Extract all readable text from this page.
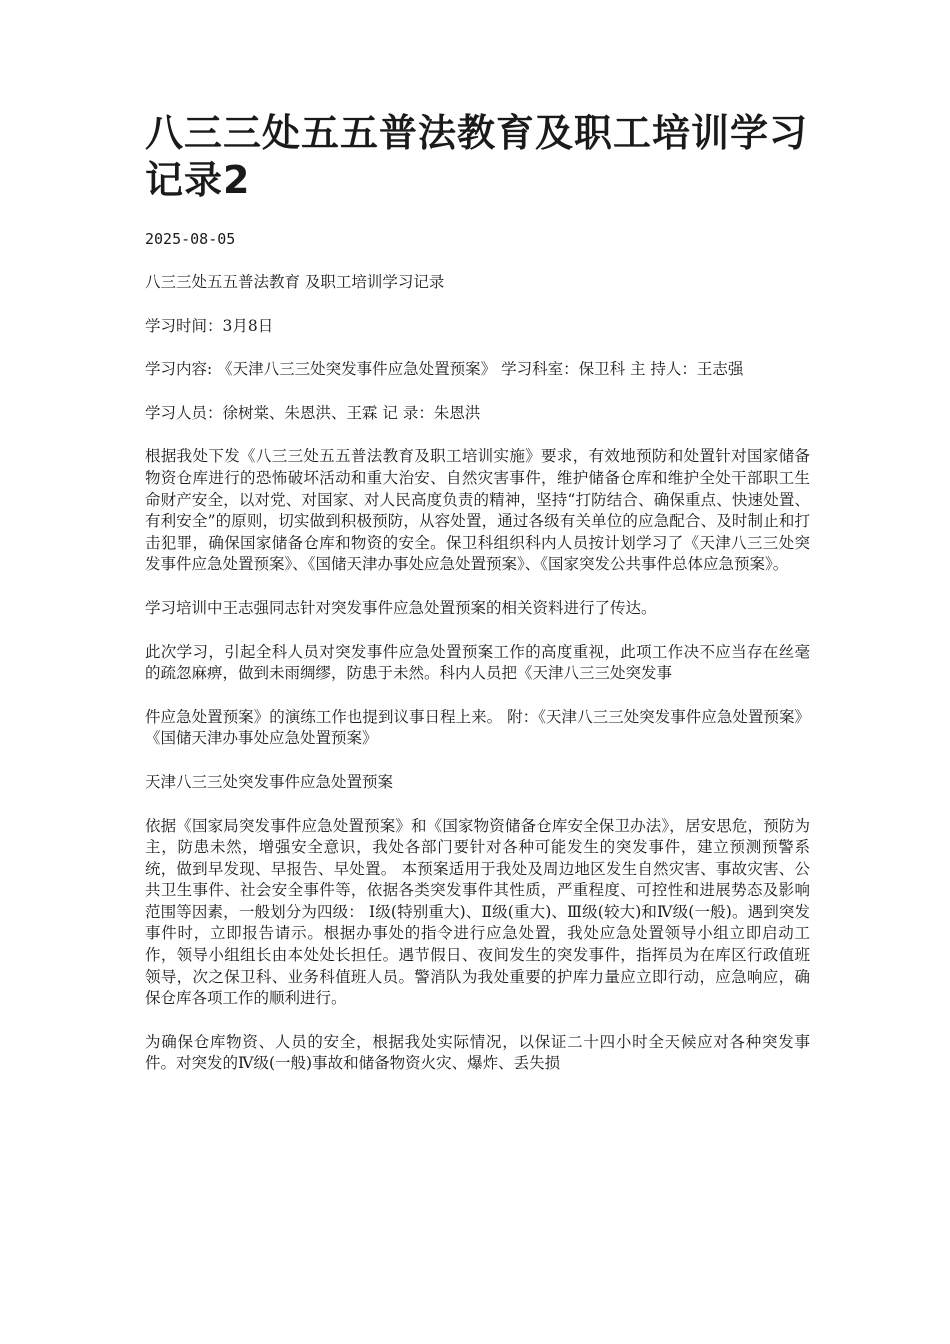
八三三处五五普法教育及职工培训学习记录2

2025-08-05

八三三处五五普法教育 及职工培训学习记录

学习时间：3月8日

学习内容: 《天津八三三处突发事件应急处置预案》 学习科室：保卫科 主 持人：王志强

学习人员：徐树棠、朱恩洪、王霖 记 录：朱恩洪

根据我处下发《八三三处五五普法教育及职工培训实施》要求，有效地预防和处置针对国家储备物资仓库进行的恐怖破坏活动和重大治安、自然灾害事件，维护储备仓库和维护全处干部职工生命财产安全，以对党、对国家、对人民高度负责的精神，坚持“打防结合、确保重点、快速处置、有利安全”的原则，切实做到积极预防，从容处置，通过各级有关单位的应急配合、及时制止和打击犯罪，确保国家储备仓库和物资的安全。保卫科组织科内人员按计划学习了《天津八三三处突发事件应急处置预案》、《国储天津办事处应急处置预案》、《国家突发公共事件总体应急预案》。

学习培训中王志强同志针对突发事件应急处置预案的相关资料进行了传达。

此次学习，引起全科人员对突发事件应急处置预案工作的高度重视，此项工作决不应当存在丝毫的疏忽麻痹，做到未雨绸缪，防患于未然。科内人员把《天津八三三处突发事

件应急处置预案》的演练工作也提到议事日程上来。 附：《天津八三三处突发事件应急处置预案》 《国储天津办事处应急处置预案》

天津八三三处突发事件应急处置预案

依据《国家局突发事件应急处置预案》和《国家物资储备仓库安全保卫办法》，居安思危，预防为主，防患未然，增强安全意识，我处各部门要针对各种可能发生的突发事件，建立预测预警系统，做到早发现、早报告、早处置。 本预案适用于我处及周边地区发生自然灾害、事故灾害、公共卫生事件、社会安全事件等，依据各类突发事件其性质，严重程度、可控性和进展势态及影响范围等因素，一般划分为四级： Ⅰ级(特别重大)、Ⅱ级(重大)、Ⅲ级(较大)和Ⅳ级(一般)。遇到突发事件时，立即报告请示。根据办事处的指令进行应急处置，我处应急处置领导小组立即启动工作，领导小组组长由本处处长担任。遇节假日、夜间发生的突发事件，指挥员为在库区行政值班领导，次之保卫科、业务科值班人员。警消队为我处重要的护库力量应立即行动，应急响应，确保仓库各项工作的顺利进行。

为确保仓库物资、人员的安全，根据我处实际情况，以保证二十四小时全天候应对各种突发事件。对突发的Ⅳ级(一般)事故和储备物资火灾、爆炸、丢失损
